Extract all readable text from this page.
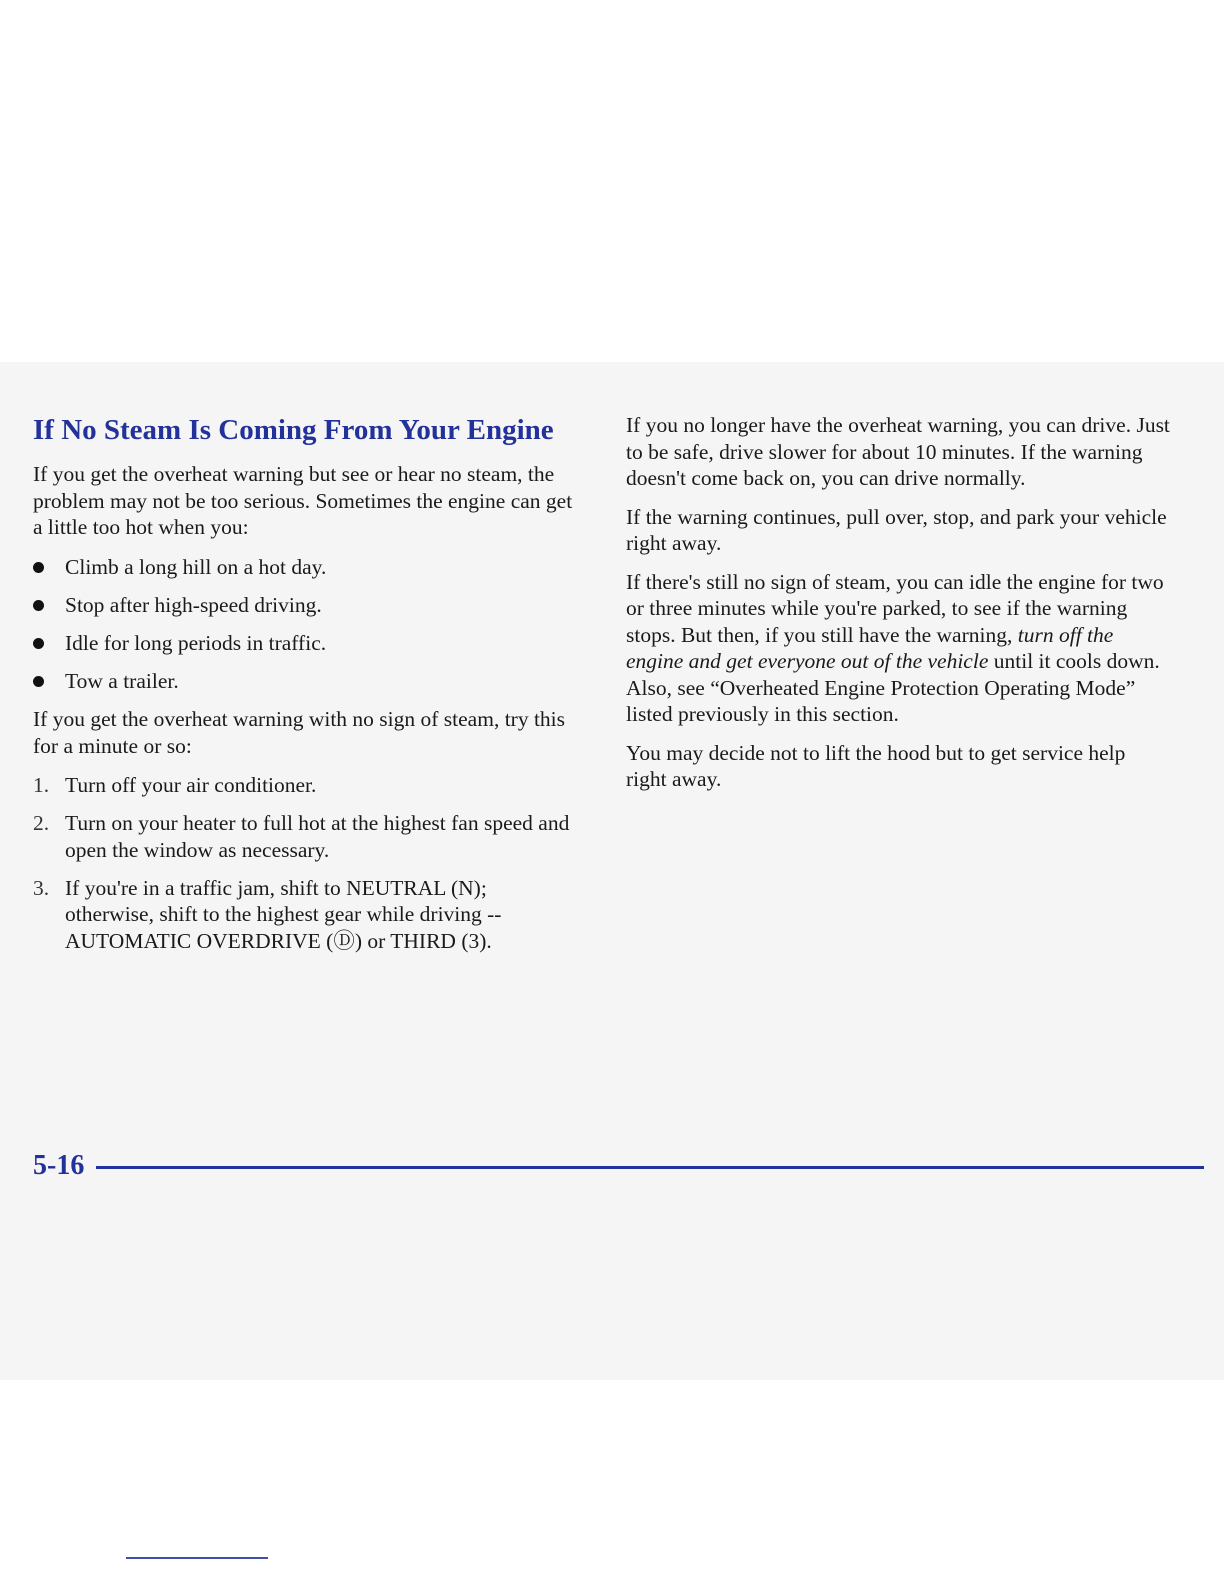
If No Steam Is Coming From Your Engine

If you get the overheat warning but see or hear no steam, the problem may not be too serious. Sometimes the engine can get a little too hot when you:

Climb a long hill on a hot day.
Stop after high-speed driving.
Idle for long periods in traffic.
Tow a trailer.

If you get the overheat warning with no sign of steam, try this for a minute or so:

1. Turn off your air conditioner.
2. Turn on your heater to full hot at the highest fan speed and open the window as necessary.
3. If you're in a traffic jam, shift to NEUTRAL (N); otherwise, shift to the highest gear while driving -- AUTOMATIC OVERDRIVE (Ⓓ) or THIRD (3).

If you no longer have the overheat warning, you can drive. Just to be safe, drive slower for about 10 minutes. If the warning doesn't come back on, you can drive normally.

If the warning continues, pull over, stop, and park your vehicle right away.

If there's still no sign of steam, you can idle the engine for two or three minutes while you're parked, to see if the warning stops. But then, if you still have the warning, turn off the engine and get everyone out of the vehicle until it cools down. Also, see “Overheated Engine Protection Operating Mode” listed previously in this section.

You may decide not to lift the hood but to get service help right away.

5-16
